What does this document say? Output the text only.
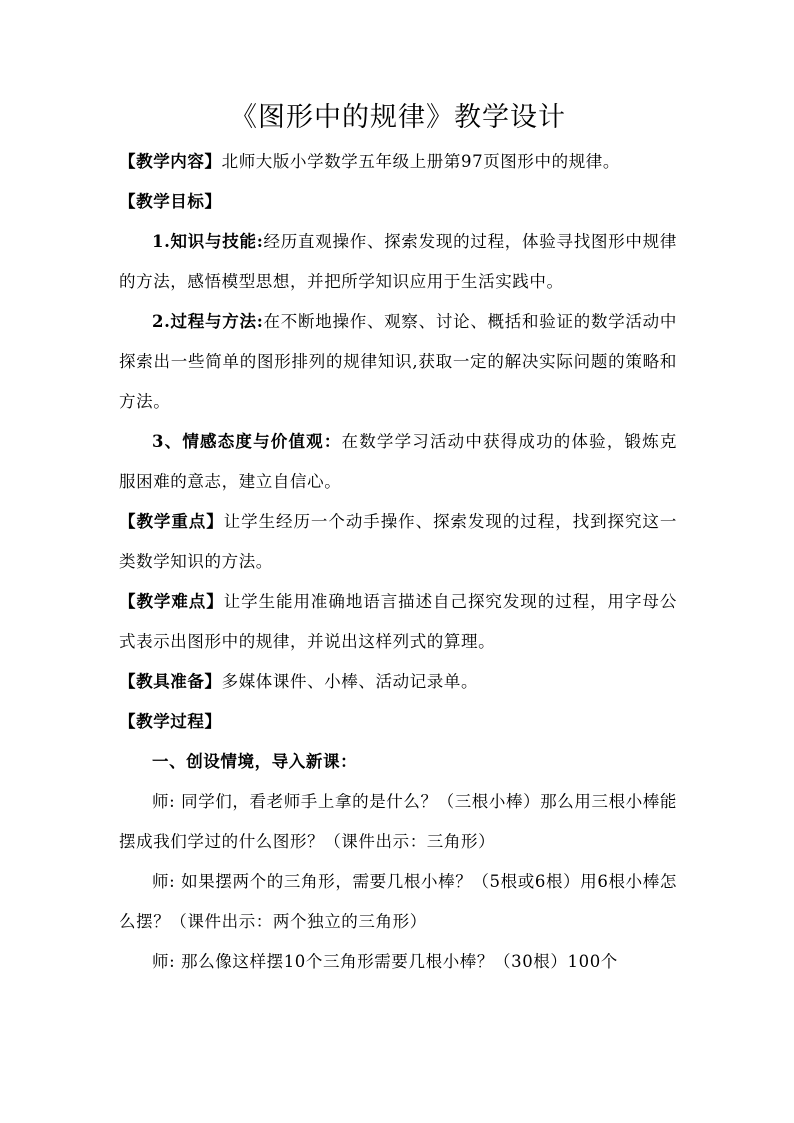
《图形中的规律》教学设计

【教学内容】北师大版小学数学五年级上册第97页图形中的规律。

【教学目标】

1.知识与技能:经历直观操作、探索发现的过程，体验寻找图形中规律的方法，感悟模型思想，并把所学知识应用于生活实践中。

2.过程与方法:在不断地操作、观察、讨论、概括和验证的数学活动中探索出一些简单的图形排列的规律知识,获取一定的解决实际问题的策略和方法。

3、情感态度与价值观：在数学学习活动中获得成功的体验，锻炼克服困难的意志，建立自信心。

【教学重点】让学生经历一个动手操作、探索发现的过程，找到探究这一类数学知识的方法。

【教学难点】让学生能用准确地语言描述自己探究发现的过程，用字母公式表示出图形中的规律，并说出这样列式的算理。

【教具准备】多媒体课件、小棒、活动记录单。

【教学过程】

一、创设情境，导入新课：

师: 同学们，看老师手上拿的是什么？（三根小棒）那么用三根小棒能摆成我们学过的什么图形？（课件出示：三角形）

师: 如果摆两个的三角形，需要几根小棒？（5根或6根）用6根小棒怎么摆？（课件出示：两个独立的三角形）

师: 那么像这样摆10个三角形需要几根小棒？（30根）100个
